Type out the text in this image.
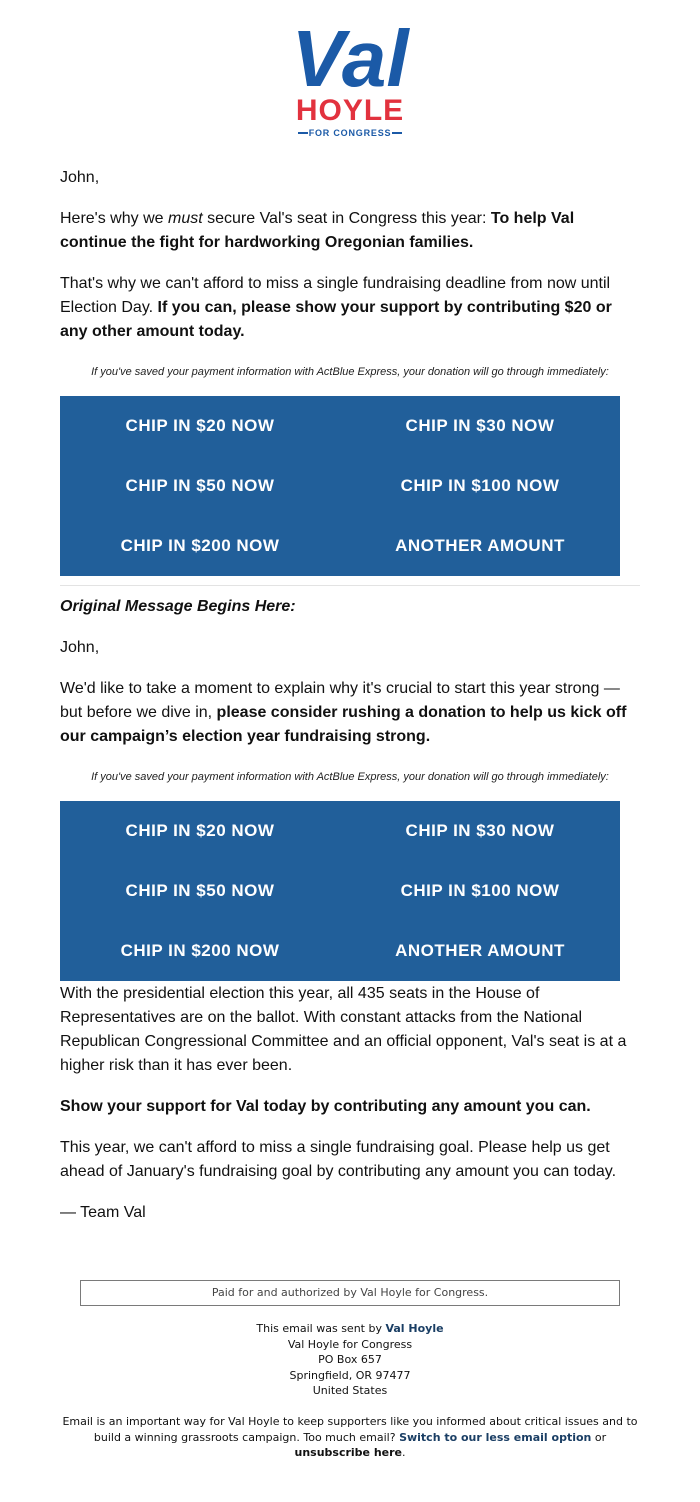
Val
HOYLE
FOR CONGRESS

John,

Here's why we must secure Val's seat in Congress this year: To help Val continue the fight for hardworking Oregonian families.

That's why we can't afford to miss a single fundraising deadline from now until Election Day. If you can, please show your support by contributing $20 or any other amount today.

If you've saved your payment information with ActBlue Express, your donation will go through immediately:
CHIP IN $20 NOW	CHIP IN $30 NOW
CHIP IN $50 NOW	CHIP IN $100 NOW
CHIP IN $200 NOW	ANOTHER AMOUNT

Original Message Begins Here:

John,

We'd like to take a moment to explain why it's crucial to start this year strong — but before we dive in, please consider rushing a donation to help us kick off our campaign’s election year fundraising strong.

If you've saved your payment information with ActBlue Express, your donation will go through immediately:
CHIP IN $20 NOW	CHIP IN $30 NOW
CHIP IN $50 NOW	CHIP IN $100 NOW
CHIP IN $200 NOW	ANOTHER AMOUNT

With the presidential election this year, all 435 seats in the House of Representatives are on the ballot. With constant attacks from the National Republican Congressional Committee and an official opponent, Val's seat is at a higher risk than it has ever been.

Show your support for Val today by contributing any amount you can.

This year, we can't afford to miss a single fundraising goal. Please help us get ahead of January's fundraising goal by contributing any amount you can today.

— Team Val

Paid for and authorized by Val Hoyle for Congress.
This email was sent by Val Hoyle
Val Hoyle for Congress
PO Box 657
Springfield, OR 97477
United States
Email is an important way for Val Hoyle to keep supporters like you informed about critical issues and to build a winning grassroots campaign. Too much email? Switch to our less email option or unsubscribe here.
